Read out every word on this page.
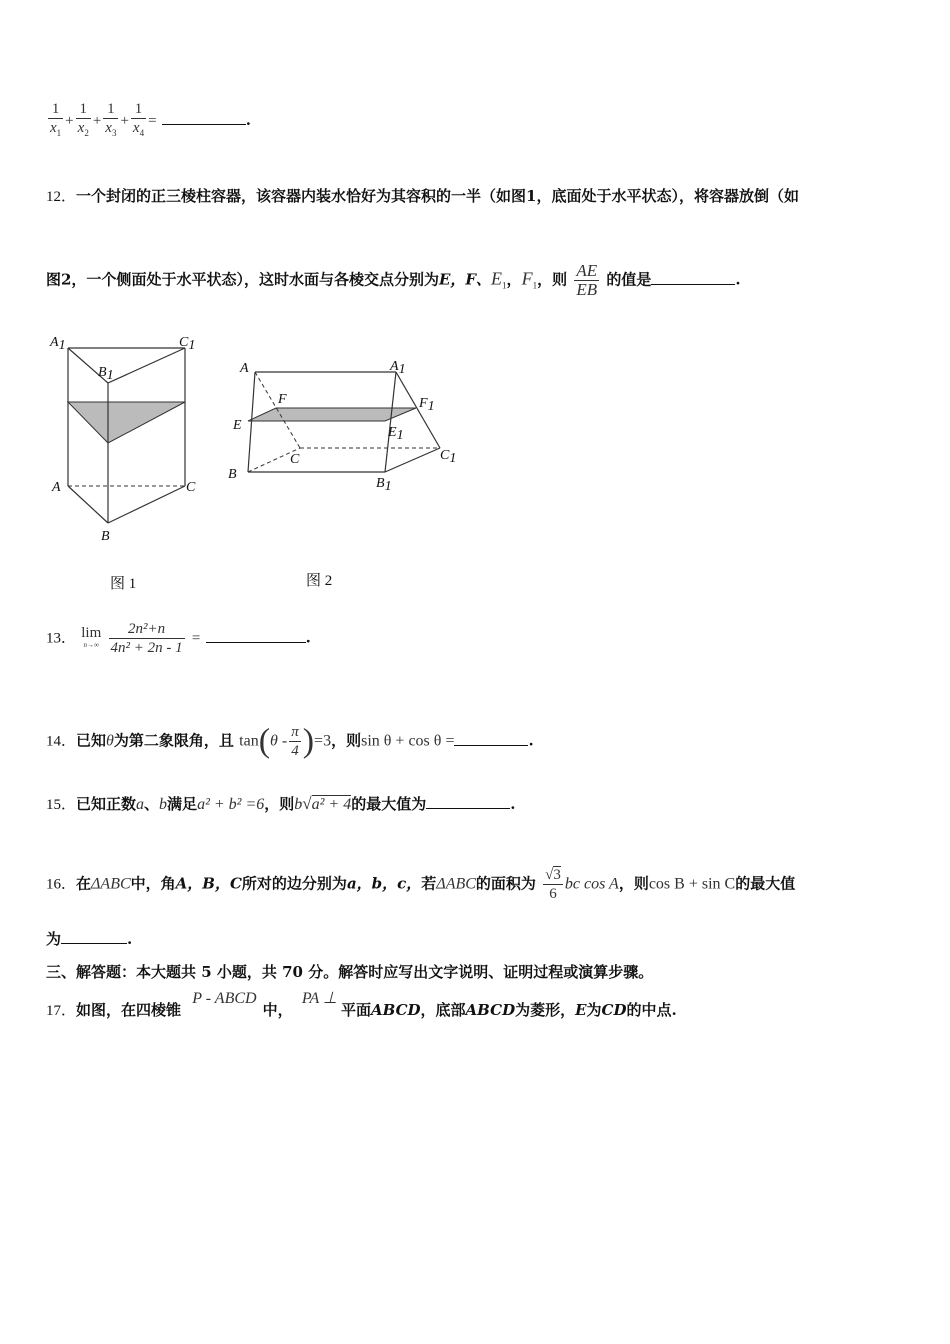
$\frac{1}{x_1} + \frac{1}{x_2} + \frac{1}{x_3} + \frac{1}{x_4}$ =	.
12．一个封闭的正三棱柱容器，该容器内装水恰好为其容积的一半（如图1，底面处于水平状态），将容器放倒（如
图2，一个侧面处于水平状态），这时水面与各棱交点分别为E，F、$E_1$，$F_1$，则 $\frac{AE}{EB}$ 的值是	.
A1	C1
B1
A	C
B
图 1
A	A1
F	F1
E	E1
C	C1
B
B1
图 2
13． lim
n→∞
$\frac{\text{2n²+n}}{\text{4n² + 2n - 1}}$ =	.
14．已知θ为第二象限角，且 $\tan(\theta - \frac{\pi}{4} )=3$，则sin θ + cos θ =	.
15．已知正数a、b满足a² + b² =6，则b√a² + 4的最大值为	.
16．在ΔABC中，角A，B，C所对的边分别为a，b，c，若ΔABC的面积为 $\frac{√3}{6}$ bc cos A，则cos B + sin C的最大值
为	.
三、解答题：本大题共 5 小题，共 70 分。解答时应写出文字说明、证明过程或演算步骤。
17．如图，在四棱锥 P - ABCD中， PA ⊥平面ABCD，底部ABCD为菱形，E为CD的中点.
